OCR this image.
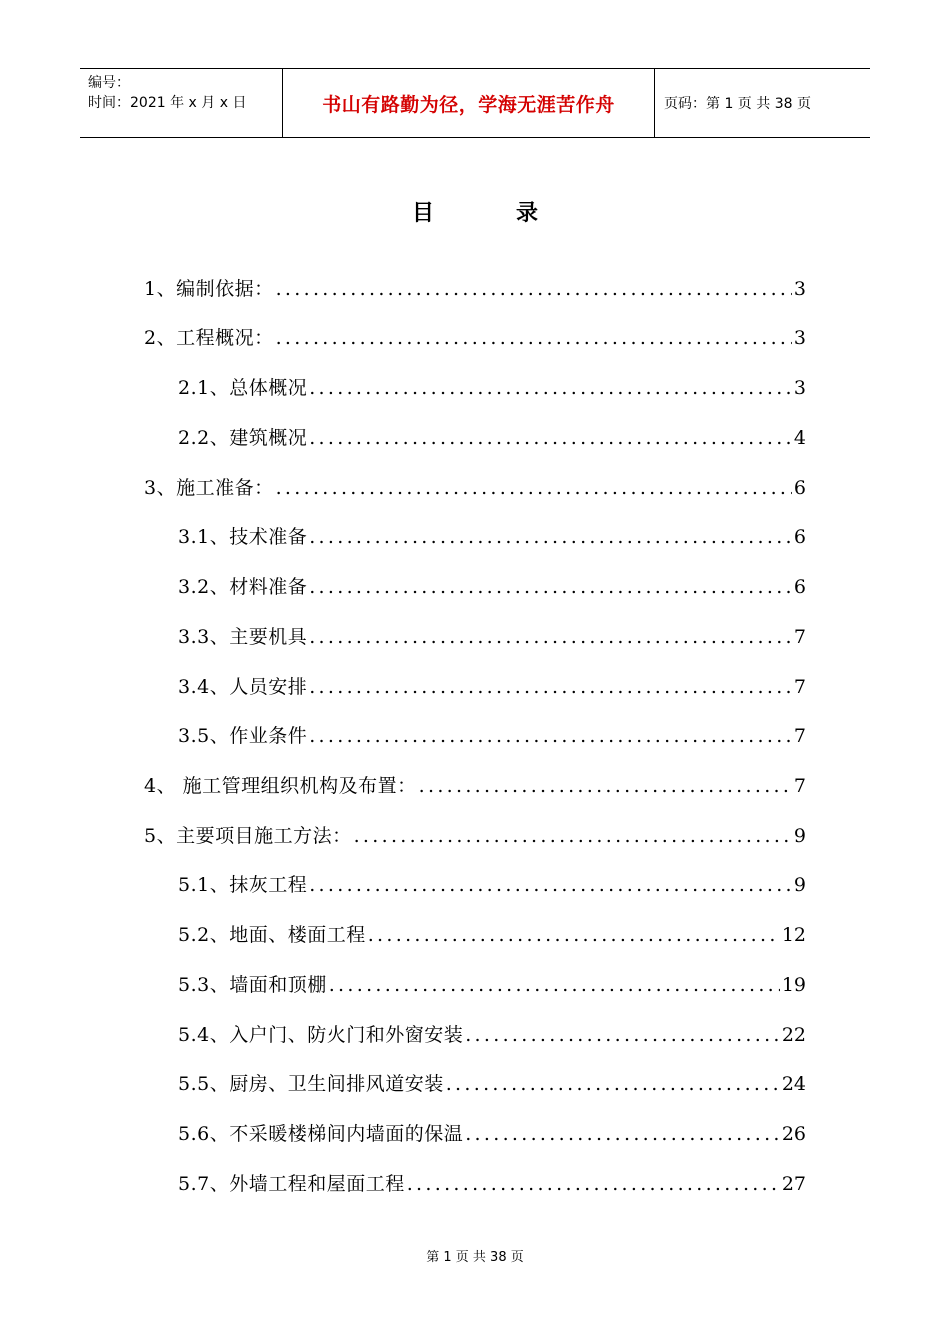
编号：
时间：2021 年 x 月 x 日	书山有路勤为径，学海无涯苦作舟	页码：第 1 页 共 38 页
目	录
1、编制依据： .....	3
2、工程概况： .....	3
2.1、总体概况 .....	3
2.2、建筑概况 .....	4
3、施工准备： .....	6
3.1、技术准备 .....	6
3.2、材料准备 .....	6
3.3、主要机具 .....	7
3.4、人员安排 .....	7
3.5、作业条件 .....	7
4、 施工管理组织机构及布置： .....	7
5、主要项目施工方法： .....	9
5.1、抹灰工程 .....	9
5.2、地面、楼面工程 .....	12
5.3、墙面和顶棚 .....	19
5.4、入户门、防火门和外窗安装 .....	22
5.5、厨房、卫生间排风道安装 .....	24
5.6、不采暖楼梯间内墙面的保温 .....	26
5.7、外墙工程和屋面工程 .....	27
第 1 页 共 38 页
